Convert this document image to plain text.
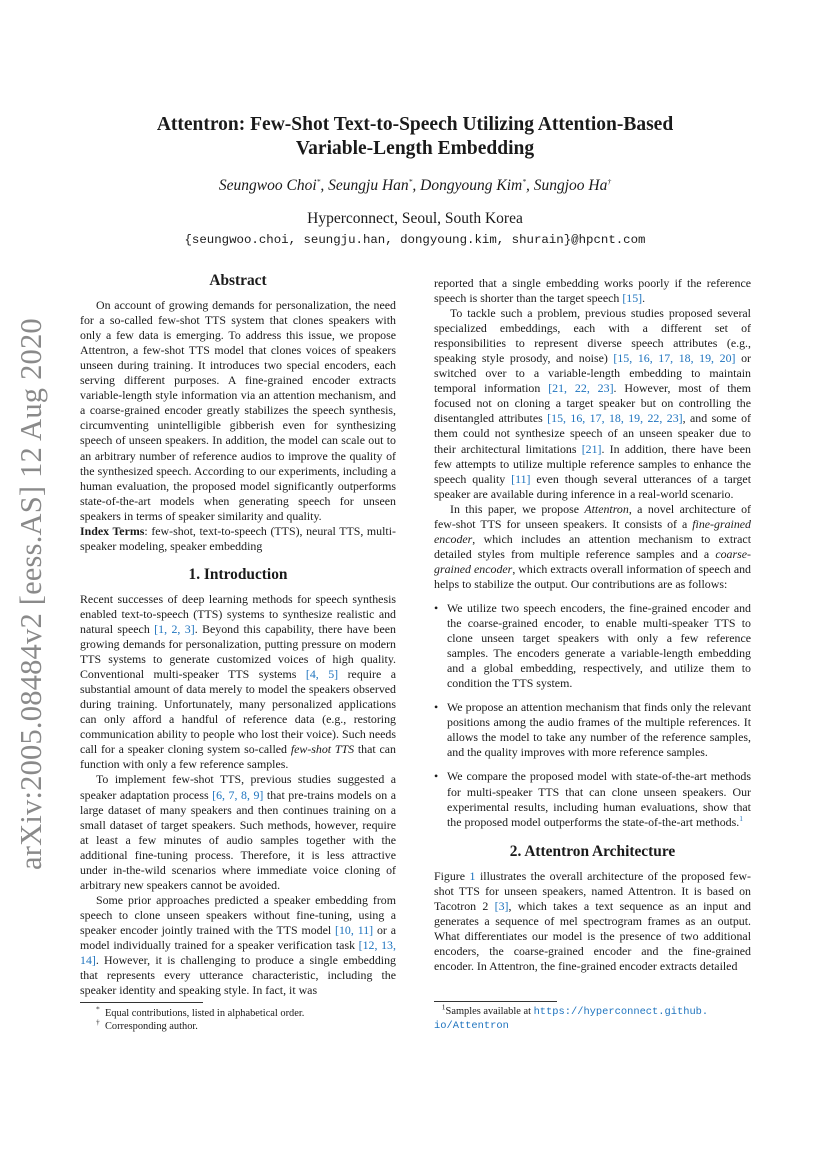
arXiv:2005.08484v2 [eess.AS] 12 Aug 2020
Attentron: Few-Shot Text-to-Speech Utilizing Attention-Based
Variable-Length Embedding
Seungwoo Choi*, Seungju Han*, Dongyoung Kim*, Sungjoo Ha†
Hyperconnect, Seoul, South Korea
{seungwoo.choi, seungju.han, dongyoung.kim, shurain}@hpcnt.com
Abstract

On account of growing demands for personalization, the need for a so-called few-shot TTS system that clones speakers with only a few data is emerging. To address this issue, we propose Attentron, a few-shot TTS model that clones voices of speakers unseen during training. It introduces two special encoders, each serving different purposes. A fine-grained encoder extracts variable-length style information via an attention mechanism, and a coarse-grained encoder greatly stabilizes the speech synthesis, circumventing unintelligible gibberish even for synthesizing speech of unseen speakers. In addition, the model can scale out to an arbitrary number of reference audios to improve the quality of the synthesized speech. According to our experiments, including a human evaluation, the proposed model significantly outperforms state-of-the-art models when generating speech for unseen speakers in terms of speaker similarity and quality.

Index Terms: few-shot, text-to-speech (TTS), neural TTS, multi-speaker modeling, speaker embedding

1. Introduction

Recent successes of deep learning methods for speech synthesis enabled text-to-speech (TTS) systems to synthesize realistic and natural speech [1, 2, 3]. Beyond this capability, there have been growing demands for personalization, putting pressure on modern TTS systems to generate customized voices of high quality. Conventional multi-speaker TTS systems [4, 5] require a substantial amount of data merely to model the speakers observed during training. Unfortunately, many personalized applications can only afford a handful of reference data (e.g., restoring communication ability to people who lost their voice). Such needs call for a speaker cloning system so-called few-shot TTS that can function with only a few reference samples.

To implement few-shot TTS, previous studies suggested a speaker adaptation process [6, 7, 8, 9] that pre-trains models on a large dataset of many speakers and then continues training on a small dataset of target speakers. Such methods, however, require at least a few minutes of audio samples together with the additional fine-tuning process. Therefore, it is less attractive under in-the-wild scenarios where immediate voice cloning of arbitrary new speakers cannot be avoided.

Some prior approaches predicted a speaker embedding from speech to clone unseen speakers without fine-tuning, using a speaker encoder jointly trained with the TTS model [10, 11] or a model individually trained for a speaker verification task [12, 13, 14]. However, it is challenging to produce a single embedding that represents every utterance characteristic, including the speaker identity and speaking style. In fact, it was

* Equal contributions, listed in alphabetical order.
† Corresponding author.

reported that a single embedding works poorly if the reference speech is shorter than the target speech [15].

To tackle such a problem, previous studies proposed several specialized embeddings, each with a different set of responsibilities to represent diverse speech attributes (e.g., speaking style prosody, and noise) [15, 16, 17, 18, 19, 20] or switched over to a variable-length embedding to maintain temporal information [21, 22, 23]. However, most of them focused not on cloning a target speaker but on controlling the disentangled attributes [15, 16, 17, 18, 19, 22, 23], and some of them could not synthesize speech of an unseen speaker due to their architectural limitations [21]. In addition, there have been few attempts to utilize multiple reference samples to enhance the speech quality [11] even though several utterances of a target speaker are available during inference in a real-world scenario.

In this paper, we propose Attentron, a novel architecture of few-shot TTS for unseen speakers. It consists of a fine-grained encoder, which includes an attention mechanism to extract detailed styles from multiple reference samples and a coarse-grained encoder, which extracts overall information of speech and helps to stabilize the output. Our contributions are as follows:

• We utilize two speech encoders, the fine-grained encoder and the coarse-grained encoder, to enable multi-speaker TTS to clone unseen target speakers with only a few reference samples. The encoders generate a variable-length embedding and a global embedding, respectively, and utilize them to condition the TTS system.
• We propose an attention mechanism that finds only the relevant positions among the audio frames of the multiple references. It allows the model to take any number of the reference samples, and the quality improves with more reference samples.
• We compare the proposed model with state-of-the-art methods for multi-speaker TTS that can clone unseen speakers. Our experimental results, including human evaluations, show that the proposed model outperforms the state-of-the-art methods.$^1$
2. Attentron Architecture

Figure 1 illustrates the overall architecture of the proposed few-shot TTS for unseen speakers, named Attentron. It is based on Tacotron 2 [3], which takes a text sequence as an input and generates a sequence of mel spectrogram frames as an output. What differentiates our model is the presence of two additional encoders, the coarse-grained encoder and the fine-grained encoder. In Attentron, the fine-grained encoder extracts detailed

$^1$Samples available at https://hyperconnect.github.
io/Attentron
